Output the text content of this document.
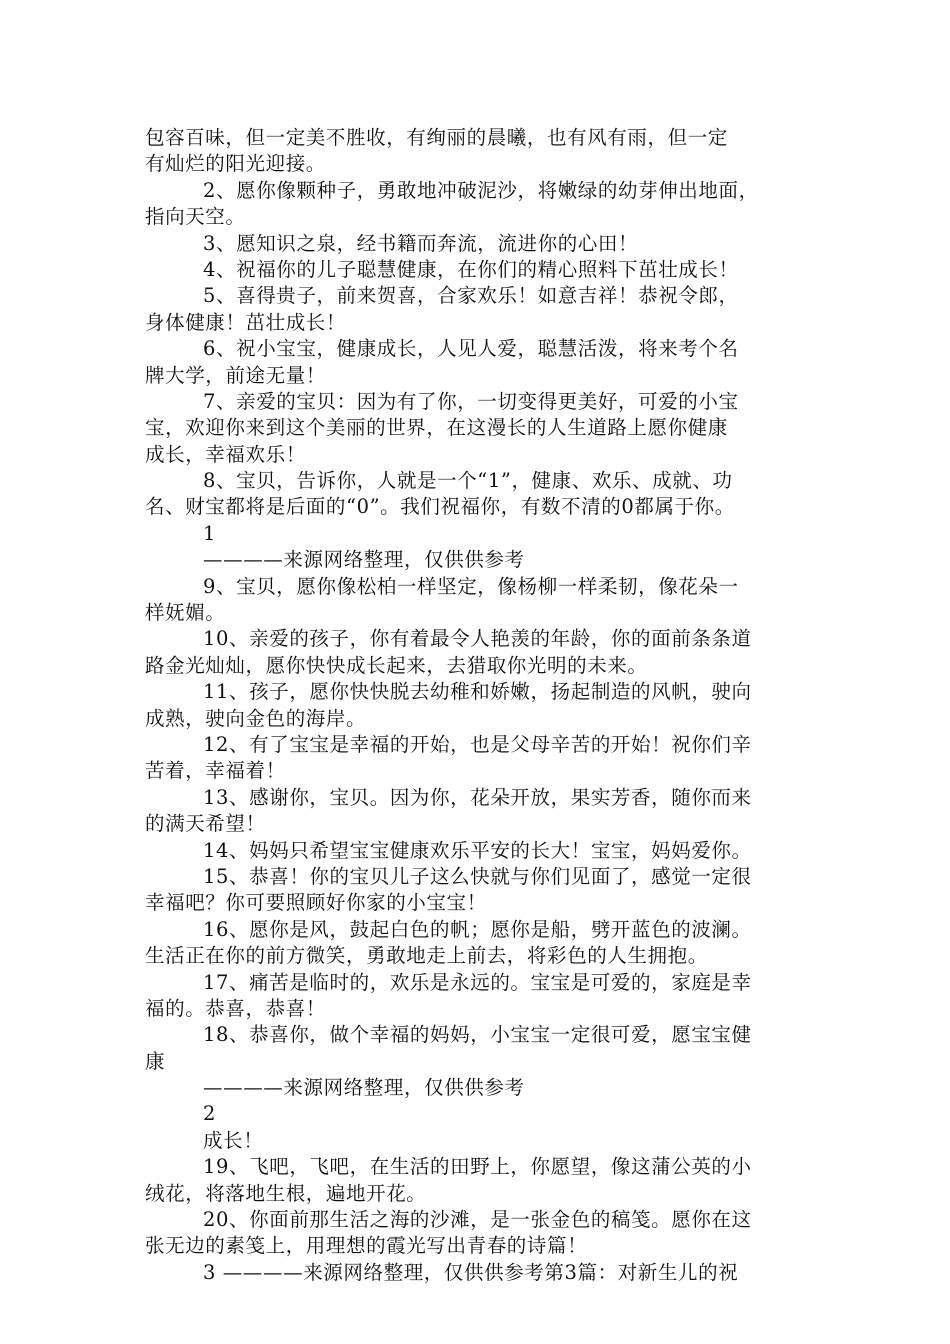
包容百味，但一定美不胜收，有绚丽的晨曦，也有风有雨，但一定
有灿烂的阳光迎接。
2、愿你像颗种子，勇敢地冲破泥沙，将嫩绿的幼芽伸出地面，
指向天空。
3、愿知识之泉，经书籍而奔流，流进你的心田！
4、祝福你的儿子聪慧健康，在你们的精心照料下茁壮成长！
5、喜得贵子，前来贺喜，合家欢乐！如意吉祥！恭祝令郎，
身体健康！茁壮成长！
6、祝小宝宝，健康成长，人见人爱，聪慧活泼，将来考个名
牌大学，前途无量！
7、亲爱的宝贝：因为有了你，一切变得更美好，可爱的小宝
宝，欢迎你来到这个美丽的世界，在这漫长的人生道路上愿你健康
成长，幸福欢乐！
8、宝贝，告诉你，人就是一个“1”，健康、欢乐、成就、功
名、财宝都将是后面的“0”。我们祝福你，有数不清的0都属于你。
1
————来源网络整理，仅供供参考
9、宝贝，愿你像松柏一样坚定，像杨柳一样柔韧，像花朵一
样妩媚。
10、亲爱的孩子，你有着最令人艳羡的年龄，你的面前条条道
路金光灿灿，愿你快快成长起来，去猎取你光明的未来。
11、孩子，愿你快快脱去幼稚和娇嫩，扬起制造的风帆，驶向
成熟，驶向金色的海岸。
12、有了宝宝是幸福的开始，也是父母辛苦的开始！祝你们辛
苦着，幸福着！
13、感谢你，宝贝。因为你，花朵开放，果实芳香，随你而来
的满天希望！
14、妈妈只希望宝宝健康欢乐平安的长大！宝宝，妈妈爱你。
15、恭喜！你的宝贝儿子这么快就与你们见面了，感觉一定很
幸福吧？你可要照顾好你家的小宝宝！
16、愿你是风，鼓起白色的帆；愿你是船，劈开蓝色的波澜。
生活正在你的前方微笑，勇敢地走上前去，将彩色的人生拥抱。
17、痛苦是临时的，欢乐是永远的。宝宝是可爱的，家庭是幸
福的。恭喜，恭喜！
18、恭喜你，做个幸福的妈妈，小宝宝一定很可爱，愿宝宝健
康
————来源网络整理，仅供供参考
2
成长！
19、飞吧，飞吧，在生活的田野上，你愿望，像这蒲公英的小
绒花，将落地生根，遍地开花。
20、你面前那生活之海的沙滩，是一张金色的稿笺。愿你在这
张无边的素笺上，用理想的霞光写出青春的诗篇！
3 ————来源网络整理，仅供供参考第3篇：对新生儿的祝
